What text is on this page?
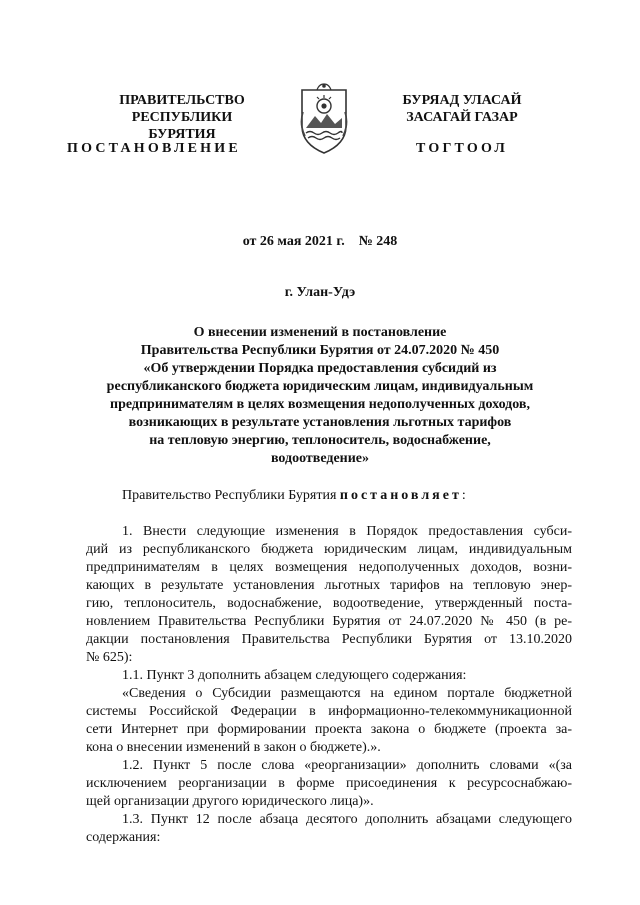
ПРАВИТЕЛЬСТВО
РЕСПУБЛИКИ БУРЯТИЯ
БУРЯАД УЛАСАЙ
ЗАСАГАЙ ГАЗАР
ПОСТАНОВЛЕНИЕ	ТОГТООЛ
от 26 мая 2021 г. № 248
г. Улан-Удэ
О внесении изменений в постановление
Правительства Республики Бурятия от 24.07.2020 № 450
«Об утверждении Порядка предоставления субсидий из
республиканского бюджета юридическим лицам, индивидуальным
предпринимателям в целях возмещения недополученных доходов,
возникающих в результате установления льготных тарифов
на тепловую энергию, теплоноситель, водоснабжение,
водоотведение»
Правительство Республики Бурятия постановляет:
1. Внести следующие изменения в Порядок предоставления субси-
дий из республиканского бюджета юридическим лицам, индивидуальным
предпринимателям в целях возмещения недополученных доходов, возни-
кающих в результате установления льготных тарифов на тепловую энер-
гию, теплоноситель, водоснабжение, водоотведение, утвержденный поста-
новлением Правительства Республики Бурятия от 24.07.2020 № 450 (в ре-
дакции постановления Правительства Республики Бурятия от 13.10.2020
№ 625):
1.1. Пункт 3 дополнить абзацем следующего содержания:
«Сведения о Субсидии размещаются на едином портале бюджетной
системы Российской Федерации в информационно-телекоммуникационной
сети Интернет при формировании проекта закона о бюджете (проекта за-
кона о внесении изменений в закон о бюджете).».
1.2. Пункт 5 после слова «реорганизации» дополнить словами «(за
исключением реорганизации в форме присоединения к ресурсоснабжаю-
щей организации другого юридического лица)».
1.3. Пункт 12 после абзаца десятого дополнить абзацами следующего
содержания:
